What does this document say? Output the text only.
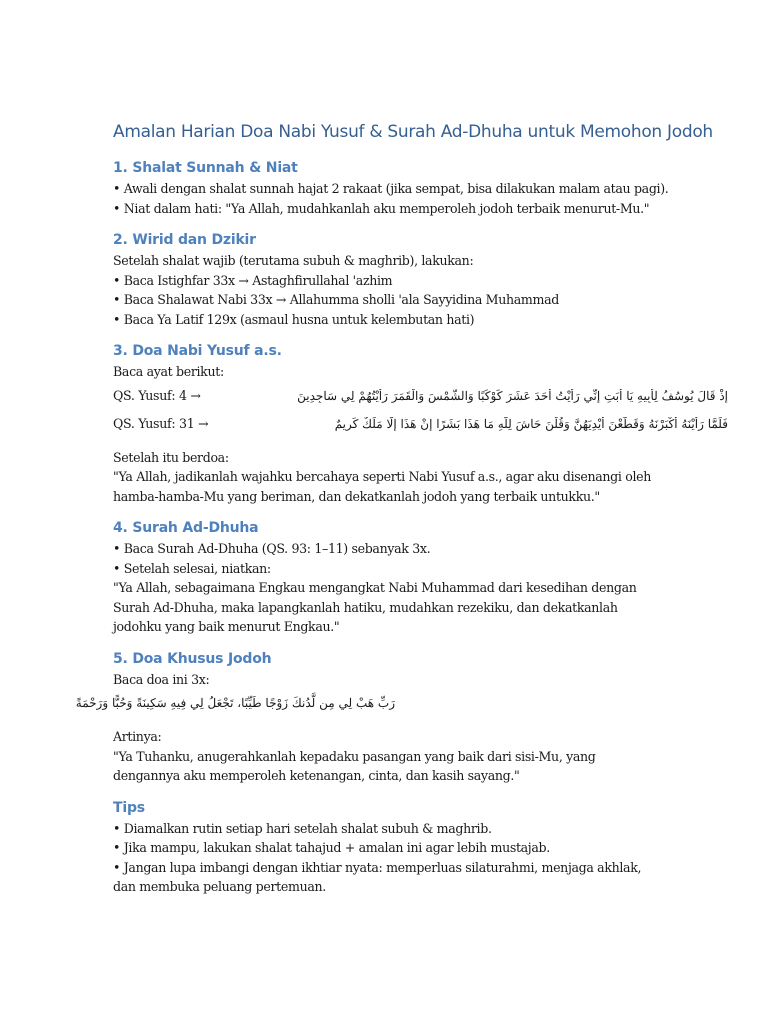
Amalan Harian Doa Nabi Yusuf & Surah Ad-Dhuha untuk Memohon Jodoh
1. Shalat Sunnah & Niat
• Awali dengan shalat sunnah hajat 2 rakaat (jika sempat, bisa dilakukan malam atau pagi).
• Niat dalam hati: "Ya Allah, mudahkanlah aku memperoleh jodoh terbaik menurut-Mu."
2. Wirid dan Dzikir
Setelah shalat wajib (terutama subuh & maghrib), lakukan:
• Baca Istighfar 33x → Astaghfirullahal 'azhim
• Baca Shalawat Nabi 33x → Allahumma sholli 'ala Sayyidina Muhammad
• Baca Ya Latif 129x (asmaul husna untuk kelembutan hati)
3. Doa Nabi Yusuf a.s.
Baca ayat berikut:
QS. Yusuf: 4 →	إِذْ قَالَ يُوسُفُ لِأَبِيهِ يَا أَبَتِ إِنِّي رَأَيْتُ أَحَدَ عَشَرَ كَوْكَبًا وَالشَّمْسَ وَالْقَمَرَ رَأَيْتُهُمْ لِي سَاجِدِينَ
QS. Yusuf: 31 →	فَلَمَّا رَأَيْنَهُ أَكْبَرْنَهُ وَقَطَّعْنَ أَيْدِيَهُنَّ وَقُلْنَ حَاشَ لِلَّهِ مَا هَذَا بَشَرًا إِنْ هَذَا إِلَّا مَلَكٌ كَرِيمٌ
Setelah itu berdoa:
"Ya Allah, jadikanlah wajahku bercahaya seperti Nabi Yusuf a.s., agar aku disenangi oleh hamba-hamba-Mu yang beriman, dan dekatkanlah jodoh yang terbaik untukku."
4. Surah Ad-Dhuha
• Baca Surah Ad-Dhuha (QS. 93: 1–11) sebanyak 3x.
• Setelah selesai, niatkan:
"Ya Allah, sebagaimana Engkau mengangkat Nabi Muhammad dari kesedihan dengan Surah Ad-Dhuha, maka lapangkanlah hatiku, mudahkan rezekiku, dan dekatkanlah jodohku yang baik menurut Engkau."
5. Doa Khusus Jodoh
Baca doa ini 3x:
رَبِّ هَبْ لِي مِن لَّدُنكَ زَوْجًا طَيِّبًا، تَجْعَلُ لِي فِيهِ سَكِينَةً وَحُبًّا وَرَحْمَةً
Artinya:
"Ya Tuhanku, anugerahkanlah kepadaku pasangan yang baik dari sisi-Mu, yang dengannya aku memperoleh ketenangan, cinta, dan kasih sayang."
Tips
• Diamalkan rutin setiap hari setelah shalat subuh & maghrib.
• Jika mampu, lakukan shalat tahajud + amalan ini agar lebih mustajab.
• Jangan lupa imbangi dengan ikhtiar nyata: memperluas silaturahmi, menjaga akhlak, dan membuka peluang pertemuan.
